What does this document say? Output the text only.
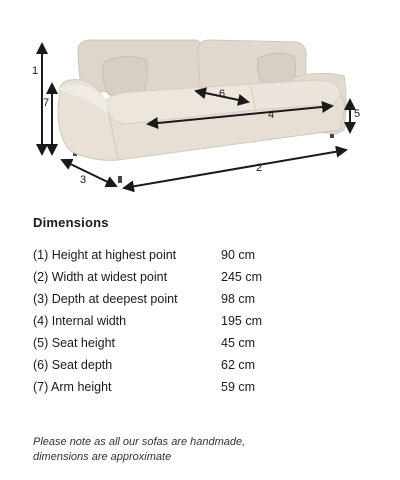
1
2
3
4	5
6
7
Dimensions
(1) Height at highest point	90 cm
(2) Width at widest point	245 cm
(3) Depth at deepest point	98 cm
(4) Internal width	195 cm
(5) Seat height	45 cm
(6) Seat depth	62 cm
(7) Arm height	59 cm
Please note as all our sofas are handmade,
dimensions are approximate
